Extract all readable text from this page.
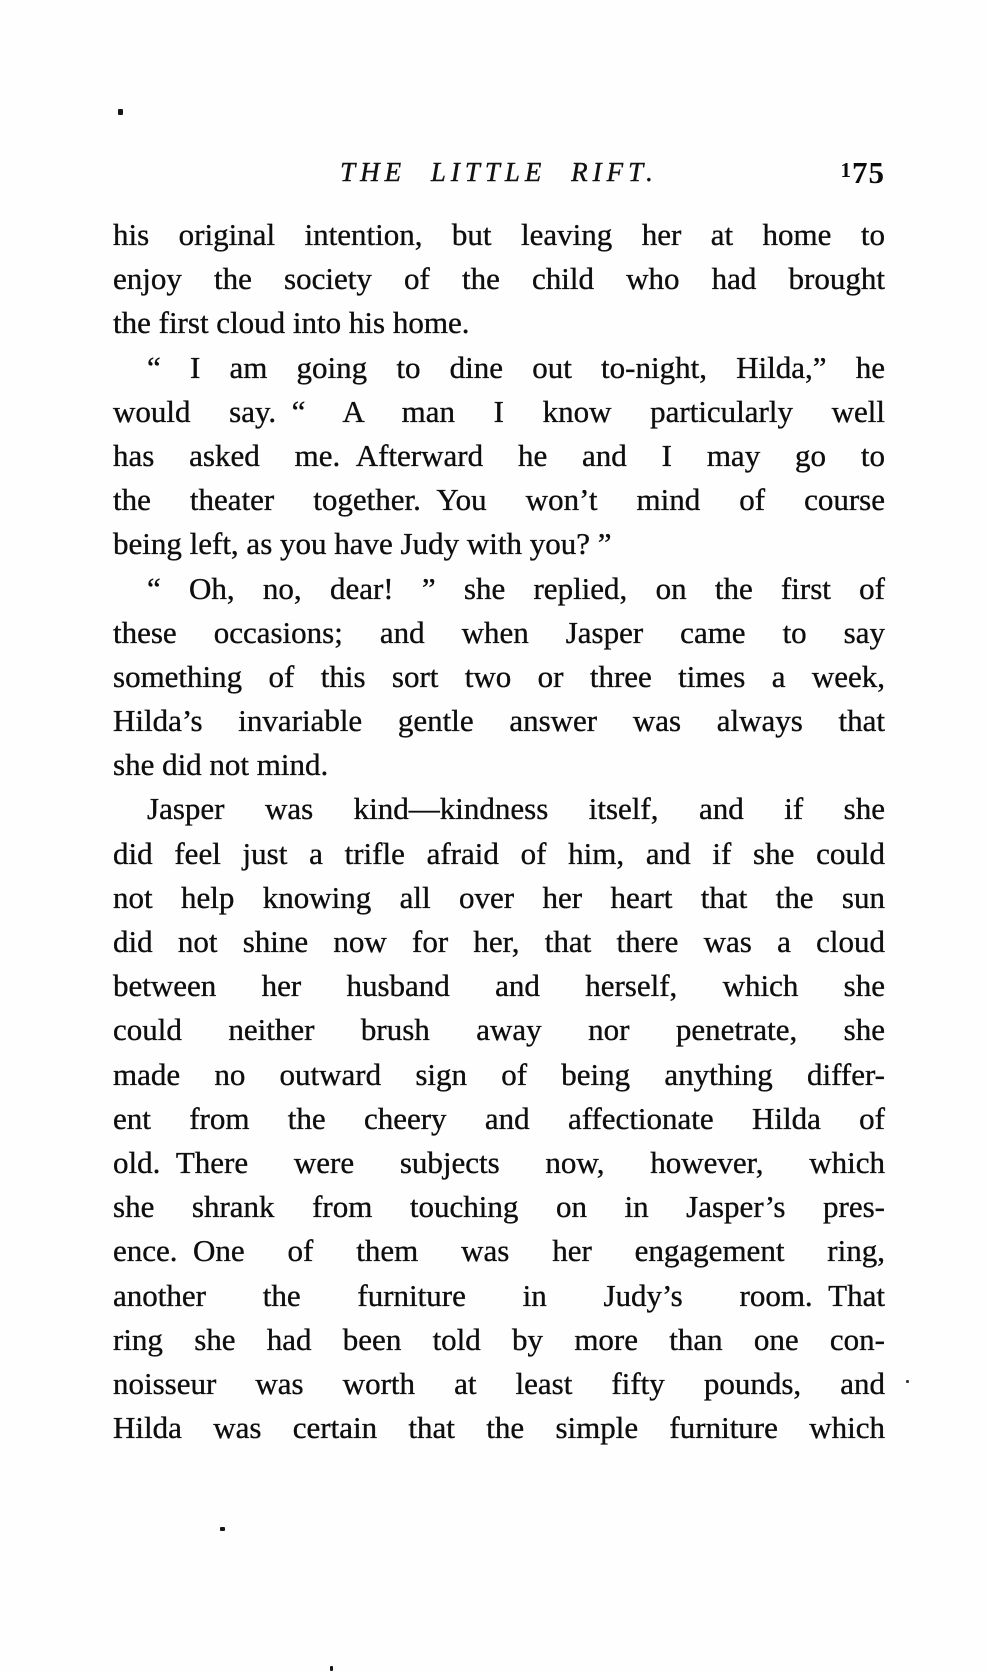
THE LITTLE RIFT.	175
his original intention, but leaving her at home to
enjoy the society of the child who had brought
the first cloud into his home.
“ I am going to dine out to-night, Hilda,” he
would say. “ A man I know particularly well
has asked me. Afterward he and I may go to
the theater together. You won’t mind of course
being left, as you have Judy with you? ”
“ Oh, no, dear! ” she replied, on the first of
these occasions; and when Jasper came to say
something of this sort two or three times a week,
Hilda’s invariable gentle answer was always that
she did not mind.
Jasper was kind—kindness itself, and if she
did feel just a trifle afraid of him, and if she could
not help knowing all over her heart that the sun
did not shine now for her, that there was a cloud
between her husband and herself, which she
could neither brush away nor penetrate, she
made no outward sign of being anything differ-
ent from the cheery and affectionate Hilda of
old. There were subjects now, however, which
she shrank from touching on in Jasper’s pres-
ence. One of them was her engagement ring,
another the furniture in Judy’s room. That
ring she had been told by more than one con-
noisseur was worth at least fifty pounds, and
Hilda was certain that the simple furniture which
